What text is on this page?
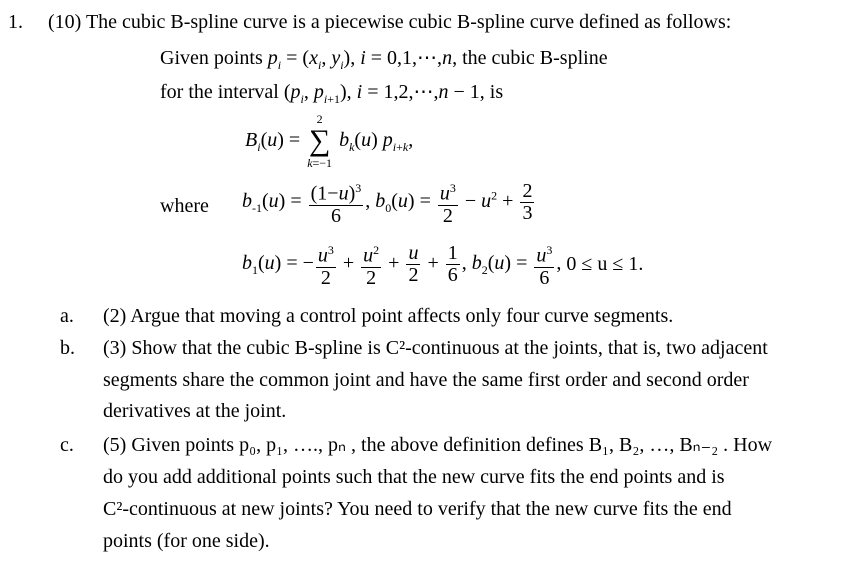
1. (10) The cubic B-spline curve is a piecewise cubic B-spline curve defined as follows:
Given points $p_i = (x_i$, $y_i$), i = 0,1,⋯,n, the cubic B-spline
for the interval ($p_i$, $p_{i+1}$), i = 1,2,⋯,n − 1, is
$B_i(u)$ =
2
∑
k=−1
$b_k(u)$ $p_{i+k}$,
where $b_{-1}(u) = \frac{(1-u)^3}{6}$ , $b_0(u) = \frac{u^3}{2} - u^2 + \frac{2}{3}$
$b_1(u)$ = − $\frac{u^3}{2} + \frac{u^2}{2} + \frac{u}{2} + \frac{1}{6}$ , $b_2(u) = \frac{u^3}{6}$ , 0 ≤ u ≤ 1.
a. (2) Argue that moving a control point affects only four curve segments.
b. (3) Show that the cubic B-spline is C²-continuous at the joints, that is, two adjacent
segments share the common joint and have the same first order and second order
derivatives at the joint.
c. (5) Given points p₀, p₁, …., pₙ , the above definition defines B₁, B₂, …, Bₙ₋₂ . How
do you add additional points such that the new curve fits the end points and is
C²-continuous at new joints? You need to verify that the new curve fits the end
points (for one side).
